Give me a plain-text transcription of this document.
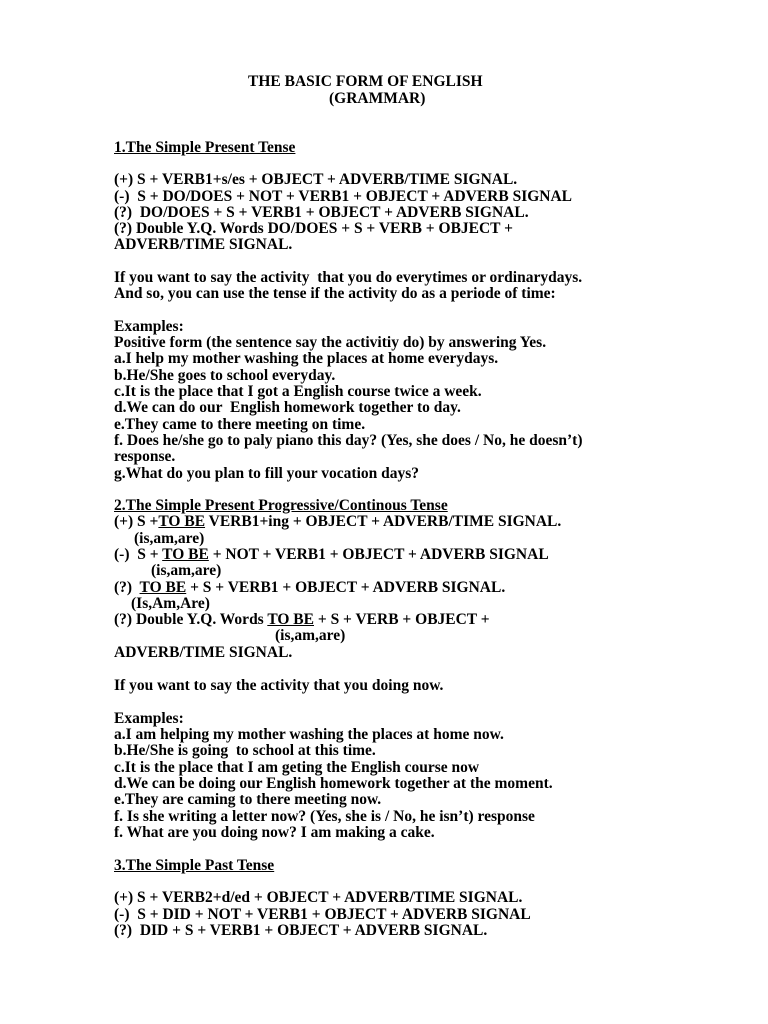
THE BASIC FORM OF ENGLISH
(GRAMMAR)
1.The Simple Present Tense
(+) S + VERB1+s/es + OBJECT + ADVERB/TIME SIGNAL.
(-)  S + DO/DOES + NOT + VERB1 + OBJECT + ADVERB SIGNAL
(?)  DO/DOES + S + VERB1 + OBJECT + ADVERB SIGNAL.
(?) Double Y.Q. Words DO/DOES + S + VERB + OBJECT +
ADVERB/TIME SIGNAL.
If you want to say the activity  that you do everytimes or ordinarydays.
And so, you can use the tense if the activity do as a periode of time:
Examples:
Positive form (the sentence say the activitiy do) by answering Yes.
a.I help my mother washing the places at home everydays.
b.He/She goes to school everyday.
c.It is the place that I got a English course twice a week.
d.We can do our  English homework together to day.
e.They came to there meeting on time.
f. Does he/she go to paly piano this day? (Yes, she does / No, he doesn’t)
response.
g.What do you plan to fill your vocation days?
2.The Simple Present Progressive/Continous Tense
(+) S +TO BE VERB1+ing + OBJECT + ADVERB/TIME SIGNAL.
(is,am,are)
(-)  S + TO BE + NOT + VERB1 + OBJECT + ADVERB SIGNAL
(is,am,are)
(?)  TO BE + S + VERB1 + OBJECT + ADVERB SIGNAL.
(Is,Am,Are)
(?) Double Y.Q. Words TO BE + S + VERB + OBJECT +
(is,am,are)
ADVERB/TIME SIGNAL.
If you want to say the activity that you doing now.
Examples:
a.I am helping my mother washing the places at home now.
b.He/She is going  to school at this time.
c.It is the place that I am geting the English course now
d.We can be doing our English homework together at the moment.
e.They are caming to there meeting now.
f. Is she writing a letter now? (Yes, she is / No, he isn’t) response
f. What are you doing now? I am making a cake.
3.The Simple Past Tense
(+) S + VERB2+d/ed + OBJECT + ADVERB/TIME SIGNAL.
(-)  S + DID + NOT + VERB1 + OBJECT + ADVERB SIGNAL
(?)  DID + S + VERB1 + OBJECT + ADVERB SIGNAL.
